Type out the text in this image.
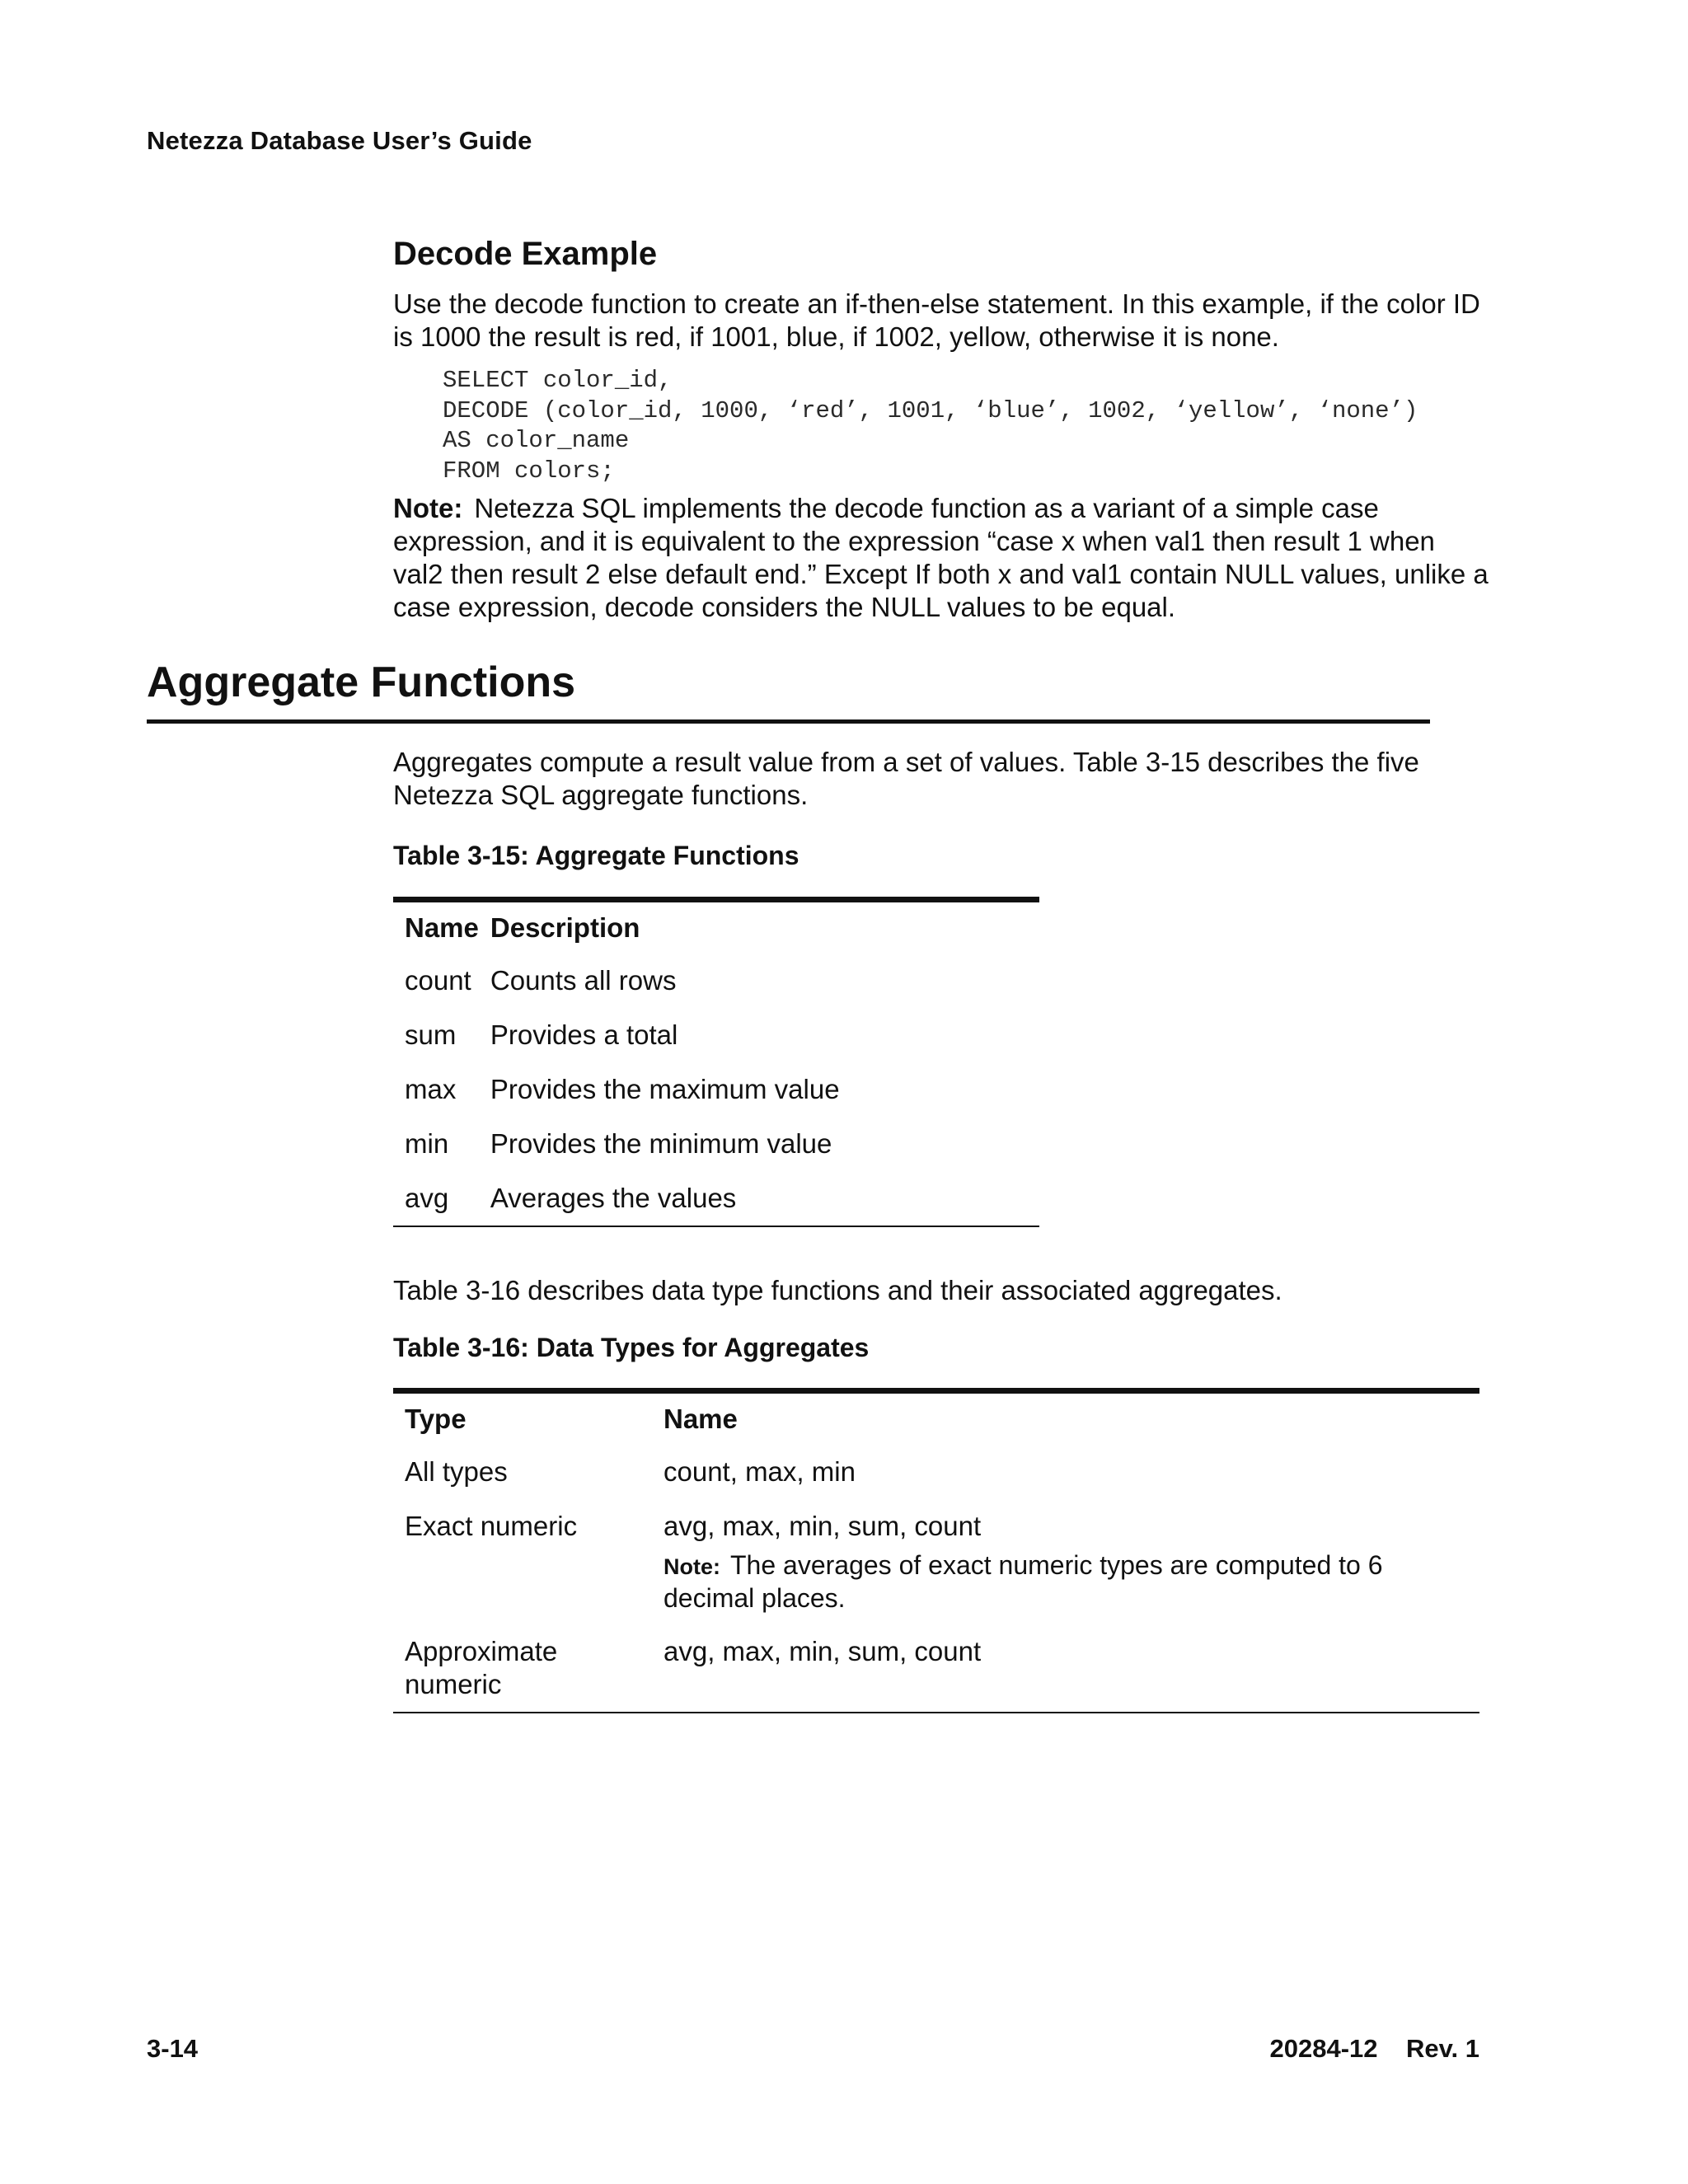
Netezza Database User’s Guide
Decode Example

Use the decode function to create an if-then-else statement. In this example, if the color ID is 1000 the result is red, if 1001, blue, if 1002, yellow, otherwise it is none.

SELECT color_id,
DECODE (color_id, 1000, ‘red’, 1001, ‘blue’, 1002, ‘yellow’, ‘none’)
AS color_name
FROM colors;

Note: Netezza SQL implements the decode function as a variant of a simple case expression, and it is equivalent to the expression “case x when val1 then result 1 when val2 then result 2 else default end.” Except If both x and val1 contain NULL values, unlike a case expression, decode considers the NULL values to be equal.

Aggregate Functions

Aggregates compute a result value from a set of values. Table 3-15 describes the five Netezza SQL aggregate functions.

Table 3-15: Aggregate Functions

Name	Description
count	Counts all rows
sum	Provides a total
max	Provides the maximum value
min	Provides the minimum value
avg	Averages the values

Table 3-16 describes data type functions and their associated aggregates.

Table 3-16: Data Types for Aggregates

Type	Name
All types	count, max, min
Exact numeric	avg, max, min, sum, count
Note: The averages of exact numeric types are computed to 6 decimal places.

Approximate numeric	avg, max, min, sum, count
3-14	20284-12    Rev. 1
